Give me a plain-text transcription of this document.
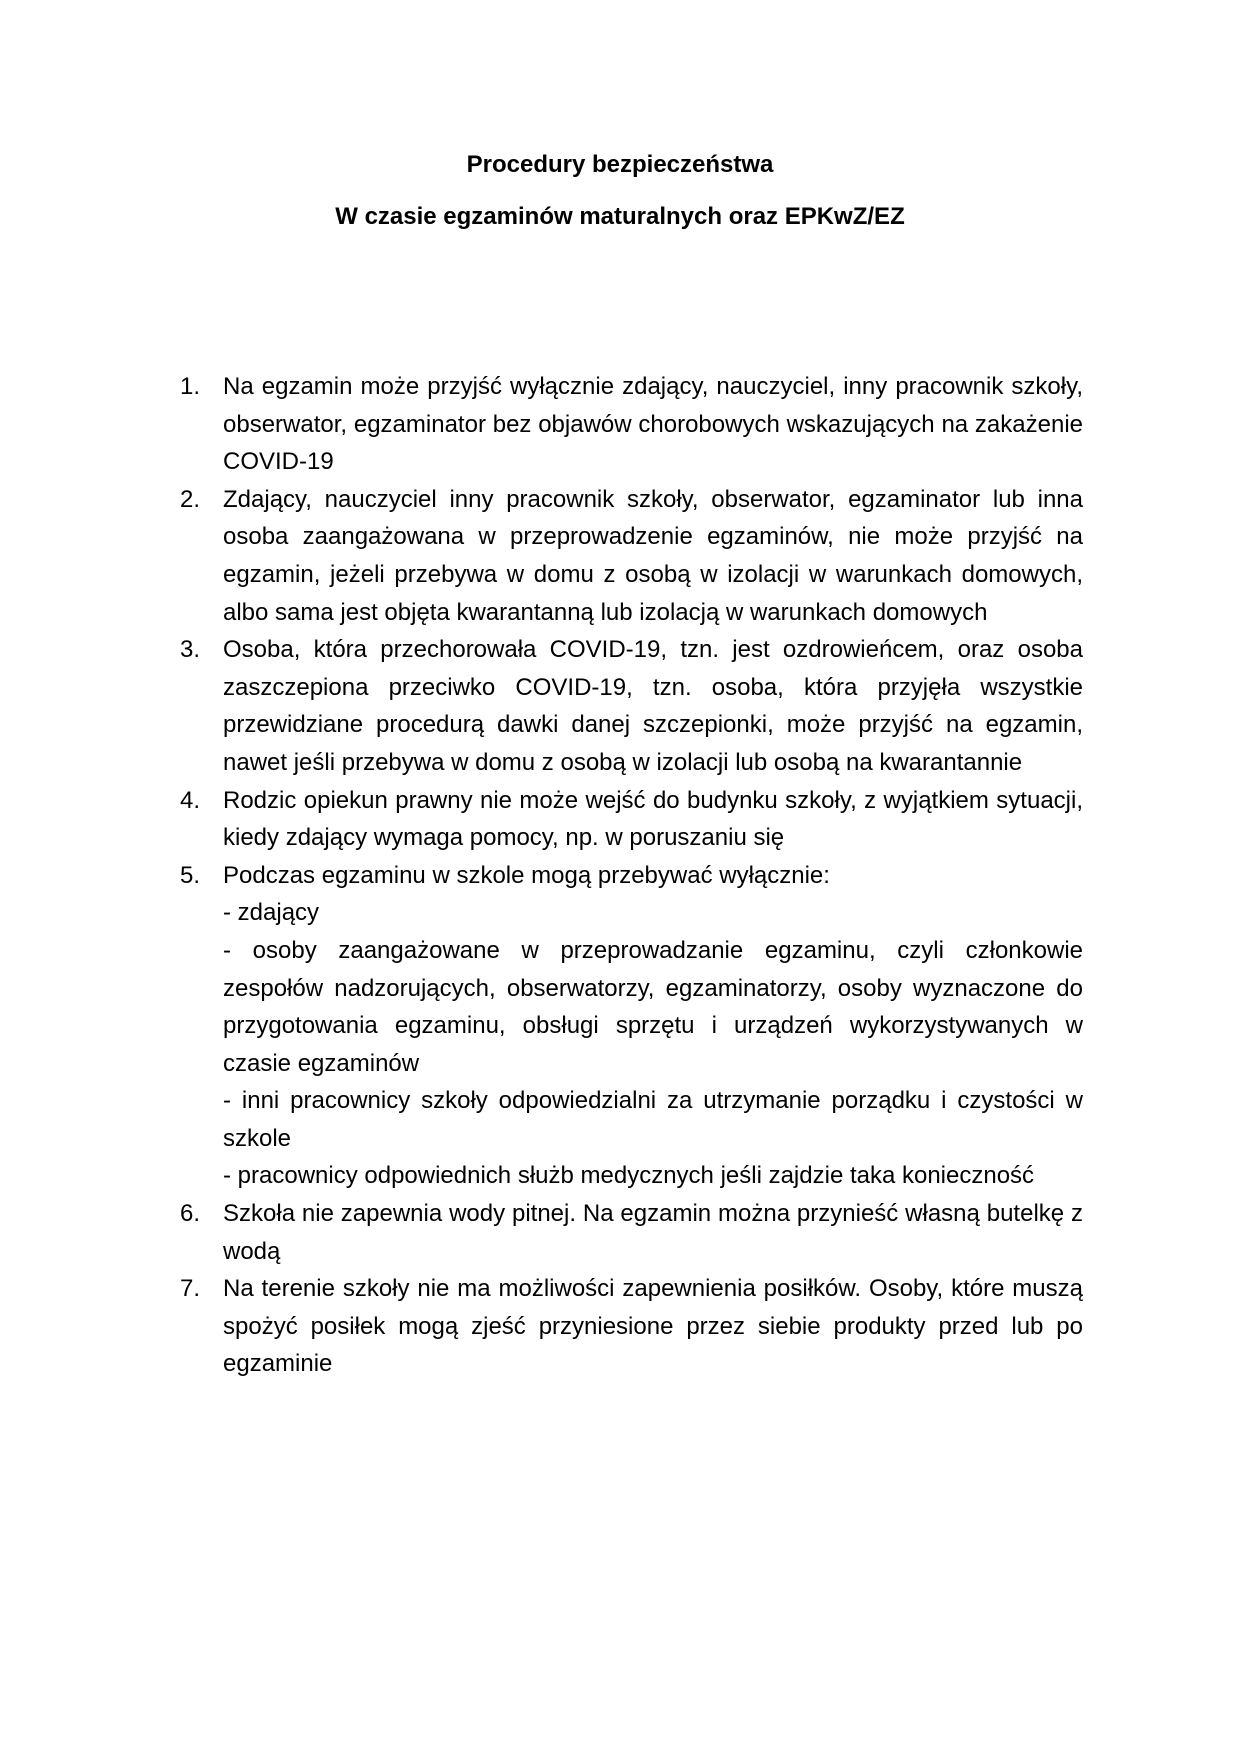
Procedury bezpieczeństwa

W czasie egzaminów maturalnych oraz EPKwZ/EZ

1. Na egzamin może przyjść wyłącznie zdający, nauczyciel, inny pracownik szkoły, obserwator, egzaminator bez objawów chorobowych wskazujących na zakażenie COVID-19
2. Zdający, nauczyciel inny pracownik szkoły, obserwator, egzaminator lub inna osoba zaangażowana w przeprowadzenie egzaminów, nie może przyjść na egzamin, jeżeli przebywa w domu z osobą w izolacji w warunkach domowych, albo sama jest objęta kwarantanną lub izolacją w warunkach domowych
3. Osoba, która przechorowała COVID-19, tzn. jest ozdrowieńcem, oraz osoba zaszczepiona przeciwko COVID-19, tzn. osoba, która przyjęła wszystkie przewidziane procedurą dawki danej szczepionki, może przyjść na egzamin, nawet jeśli przebywa w domu z osobą w izolacji lub osobą na kwarantannie
4. Rodzic opiekun prawny nie może wejść do budynku szkoły, z wyjątkiem sytuacji, kiedy zdający wymaga pomocy, np. w poruszaniu się
5. Podczas egzaminu w szkole mogą przebywać wyłącznie:
- zdający
- osoby zaangażowane w przeprowadzanie egzaminu, czyli członkowie zespołów nadzorujących, obserwatorzy, egzaminatorzy, osoby wyznaczone do przygotowania egzaminu, obsługi sprzętu i urządzeń wykorzystywanych w czasie egzaminów
- inni pracownicy szkoły odpowiedzialni za utrzymanie porządku i czystości w szkole
- pracownicy odpowiednich służb medycznych jeśli zajdzie taka konieczność
6. Szkoła nie zapewnia wody pitnej. Na egzamin można przynieść własną butelkę z wodą
7. Na terenie szkoły nie ma możliwości zapewnienia posiłków. Osoby, które muszą spożyć posiłek mogą zjeść przyniesione przez siebie produkty przed lub po egzaminie
